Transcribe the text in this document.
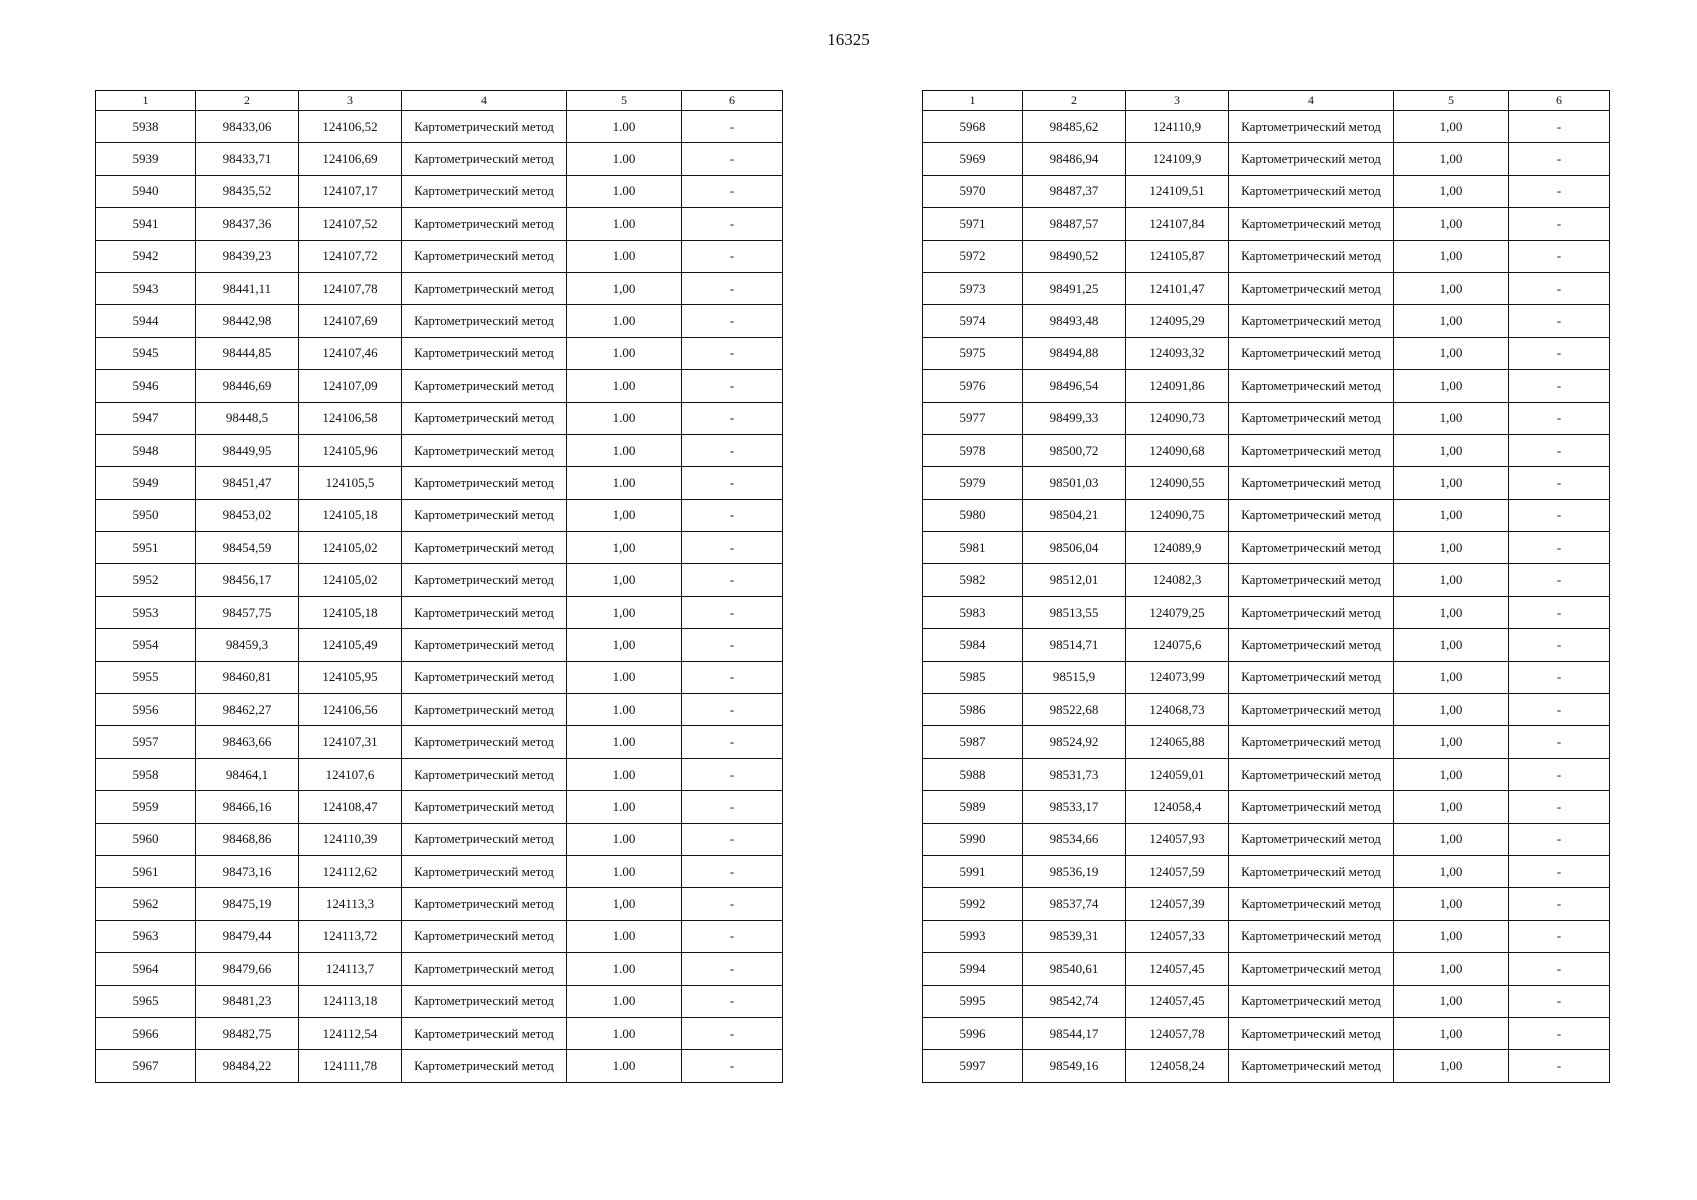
16325
1	2	3	4	5	6
5938	98433,06	124106,52	Картометрический метод	1.00	-
5939	98433,71	124106,69	Картометрический метод	1.00	-
5940	98435,52	124107,17	Картометрический метод	1.00	-
5941	98437,36	124107,52	Картометрический метод	1.00	-
5942	98439,23	124107,72	Картометрический метод	1.00	-
5943	98441,11	124107,78	Картометрический метод	1,00	-
5944	98442,98	124107,69	Картометрический метод	1.00	-
5945	98444,85	124107,46	Картометрический метод	1.00	-
5946	98446,69	124107,09	Картометрический метод	1.00	-
5947	98448,5	124106,58	Картометрический метод	1.00	-
5948	98449,95	124105,96	Картометрический метод	1.00	-
5949	98451,47	124105,5	Картометрический метод	1.00	-
5950	98453,02	124105,18	Картометрический метод	1,00	-
5951	98454,59	124105,02	Картометрический метод	1,00	-
5952	98456,17	124105,02	Картометрический метод	1,00	-
5953	98457,75	124105,18	Картометрический метод	1,00	-
5954	98459,3	124105,49	Картометрический метод	1,00	-
5955	98460,81	124105,95	Картометрический метод	1.00	-
5956	98462,27	124106,56	Картометрический метод	1.00	-
5957	98463,66	124107,31	Картометрический метод	1.00	-
5958	98464,1	124107,6	Картометрический метод	1.00	-
5959	98466,16	124108,47	Картометрический метод	1.00	-
5960	98468,86	124110,39	Картометрический метод	1.00	-
5961	98473,16	124112,62	Картометрический метод	1.00	-
5962	98475,19	124113,3	Картометрический метод	1,00	-
5963	98479,44	124113,72	Картометрический метод	1.00	-
5964	98479,66	124113,7	Картометрический метод	1.00	-
5965	98481,23	124113,18	Картометрический метод	1.00	-
5966	98482,75	124112,54	Картометрический метод	1.00	-
5967	98484,22	124111,78	Картометрический метод	1.00	-
1	2	3	4	5	6
5968	98485,62	124110,9	Картометрический метод	1,00	-
5969	98486,94	124109,9	Картометрический метод	1,00	-
5970	98487,37	124109,51	Картометрический метод	1,00	-
5971	98487,57	124107,84	Картометрический метод	1,00	-
5972	98490,52	124105,87	Картометрический метод	1,00	-
5973	98491,25	124101,47	Картометрический метод	1,00	-
5974	98493,48	124095,29	Картометрический метод	1,00	-
5975	98494,88	124093,32	Картометрический метод	1,00	-
5976	98496,54	124091,86	Картометрический метод	1,00	-
5977	98499,33	124090,73	Картометрический метод	1,00	-
5978	98500,72	124090,68	Картометрический метод	1,00	-
5979	98501,03	124090,55	Картометрический метод	1,00	-
5980	98504,21	124090,75	Картометрический метод	1,00	-
5981	98506,04	124089,9	Картометрический метод	1,00	-
5982	98512,01	124082,3	Картометрический метод	1,00	-
5983	98513,55	124079,25	Картометрический метод	1,00	-
5984	98514,71	124075,6	Картометрический метод	1,00	-
5985	98515,9	124073,99	Картометрический метод	1,00	-
5986	98522,68	124068,73	Картометрический метод	1,00	-
5987	98524,92	124065,88	Картометрический метод	1,00	-
5988	98531,73	124059,01	Картометрический метод	1,00	-
5989	98533,17	124058,4	Картометрический метод	1,00	-
5990	98534,66	124057,93	Картометрический метод	1,00	-
5991	98536,19	124057,59	Картометрический метод	1,00	-
5992	98537,74	124057,39	Картометрический метод	1,00	-
5993	98539,31	124057,33	Картометрический метод	1,00	-
5994	98540,61	124057,45	Картометрический метод	1,00	-
5995	98542,74	124057,45	Картометрический метод	1,00	-
5996	98544,17	124057,78	Картометрический метод	1,00	-
5997	98549,16	124058,24	Картометрический метод	1,00	-
